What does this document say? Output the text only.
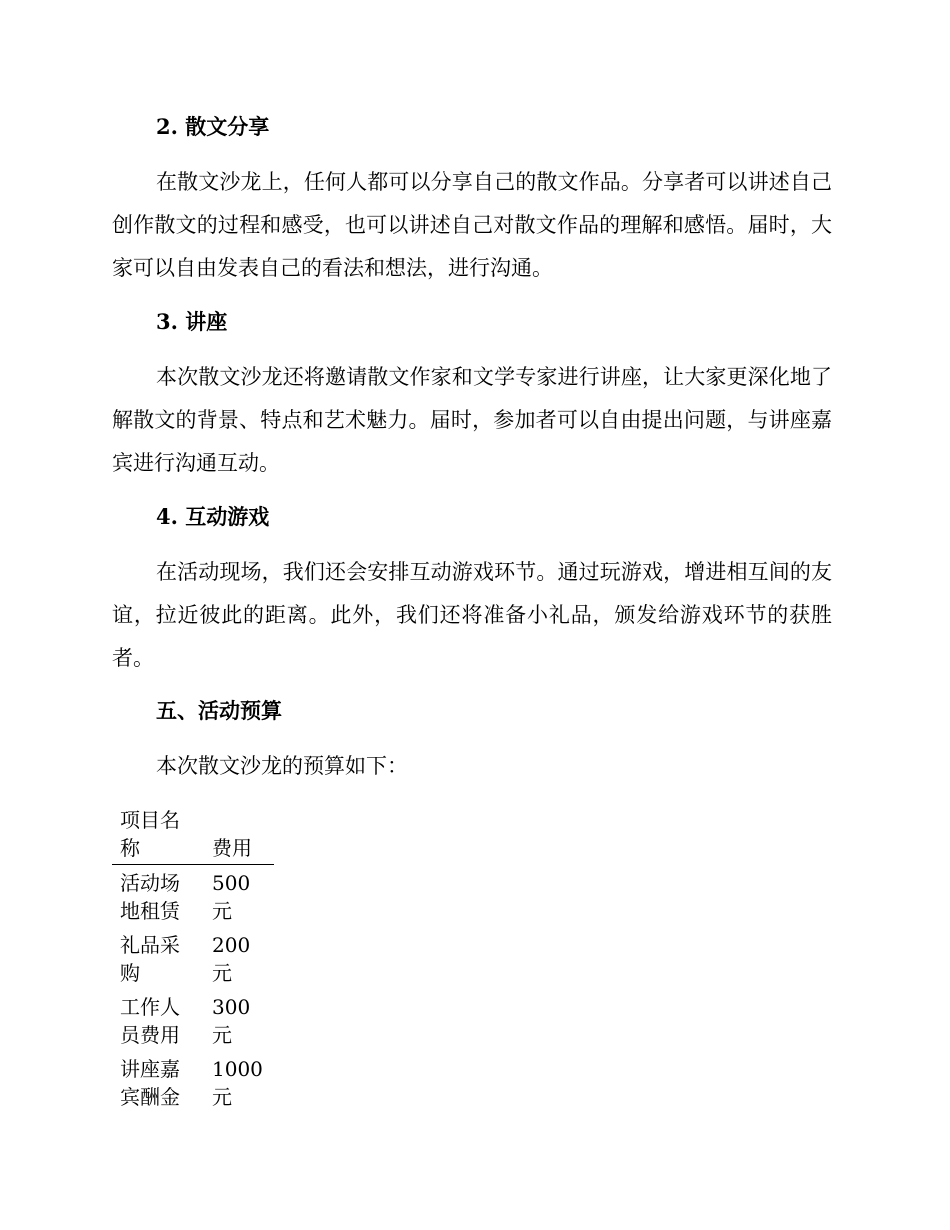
2. 散文分享

在散文沙龙上，任何人都可以分享自己的散文作品。分享者可以讲述自己创作散文的过程和感受，也可以讲述自己对散文作品的理解和感悟。届时，大家可以自由发表自己的看法和想法，进行沟通。

3. 讲座

本次散文沙龙还将邀请散文作家和文学专家进行讲座，让大家更深化地了解散文的背景、特点和艺术魅力。届时，参加者可以自由提出问题，与讲座嘉宾进行沟通互动。

4. 互动游戏

在活动现场，我们还会安排互动游戏环节。通过玩游戏，增进相互间的友谊，拉近彼此的距离。此外，我们还将准备小礼品，颁发给游戏环节的获胜者。

五、活动预算

本次散文沙龙的预算如下：

项目名称	费用

活动场地租赁	500元

礼品采购	200元

工作人员费用	300元

讲座嘉宾酬金	1000元
